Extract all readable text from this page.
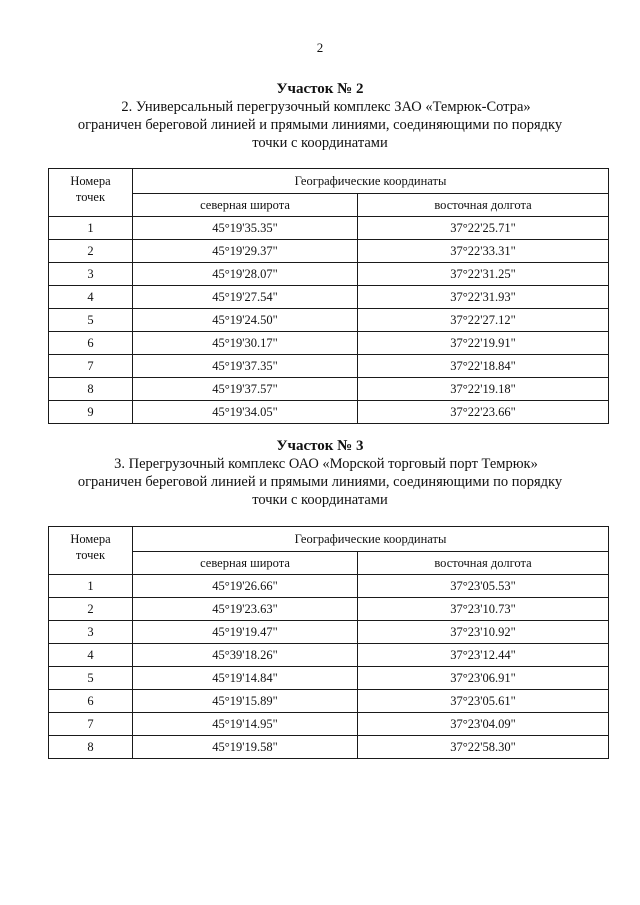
2
Участок № 2
2. Универсальный перегрузочный комплекс ЗАО «Темрюк-Сотра»
ограничен береговой линией и прямыми линиями, соединяющими по порядку
точки с координатами
Номера
точек	Географические координаты	
	северная широта	восточная долгота
1	45°19'35.35"	37°22'25.71"
2	45°19'29.37"	37°22'33.31"
3	45°19'28.07"	37°22'31.25"
4	45°19'27.54"	37°22'31.93"
5	45°19'24.50"	37°22'27.12"
6	45°19'30.17"	37°22'19.91"
7	45°19'37.35"	37°22'18.84"
8	45°19'37.57"	37°22'19.18"
9	45°19'34.05"	37°22'23.66"
Участок № 3
3. Перегрузочный комплекс ОАО «Морской торговый порт Темрюк»
ограничен береговой линией и прямыми линиями, соединяющими по порядку
точки с координатами
Номера
точек	Географические координаты	
	северная широта	восточная долгота
1	45°19'26.66"	37°23'05.53"
2	45°19'23.63"	37°23'10.73"
3	45°19'19.47"	37°23'10.92"
4	45°39'18.26"	37°23'12.44"
5	45°19'14.84"	37°23'06.91"
6	45°19'15.89"	37°23'05.61"
7	45°19'14.95"	37°23'04.09"
8	45°19'19.58"	37°22'58.30"
